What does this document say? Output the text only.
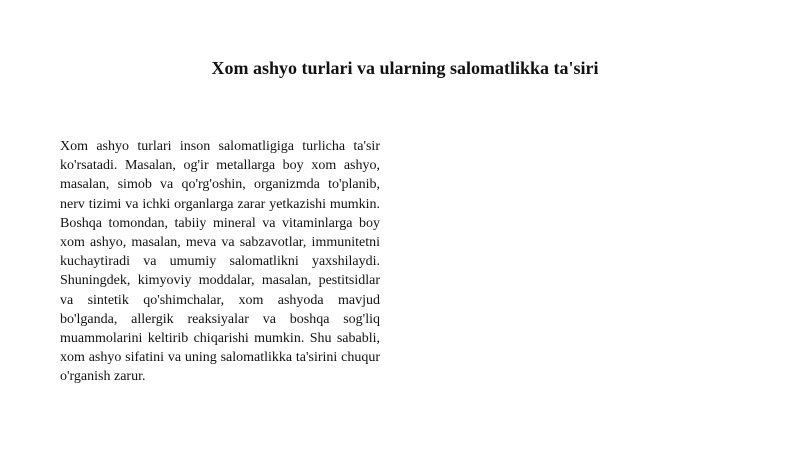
Xom ashyo turlari va ularning salomatlikka ta'siri

Xom ashyo turlari inson salomatligiga turlicha ta'sir ko'rsatadi. Masalan, og'ir metallarga boy xom ashyo, masalan, simob va qo'rg'oshin, organizmda to'planib, nerv tizimi va ichki organlarga zarar yetkazishi mumkin. Boshqa tomondan, tabiiy mineral va vitaminlarga boy xom ashyo, masalan, meva va sabzavotlar, immunitetni kuchaytiradi va umumiy salomatlikni yaxshilaydi. Shuningdek, kimyoviy moddalar, masalan, pestitsidlar va sintetik qo'shimchalar, xom ashyoda mavjud bo'lganda, allergik reaksiyalar va boshqa sog'liq muammolarini keltirib chiqarishi mumkin. Shu sababli, xom ashyo sifatini va uning salomatlikka ta'sirini chuqur o'rganish zarur.
